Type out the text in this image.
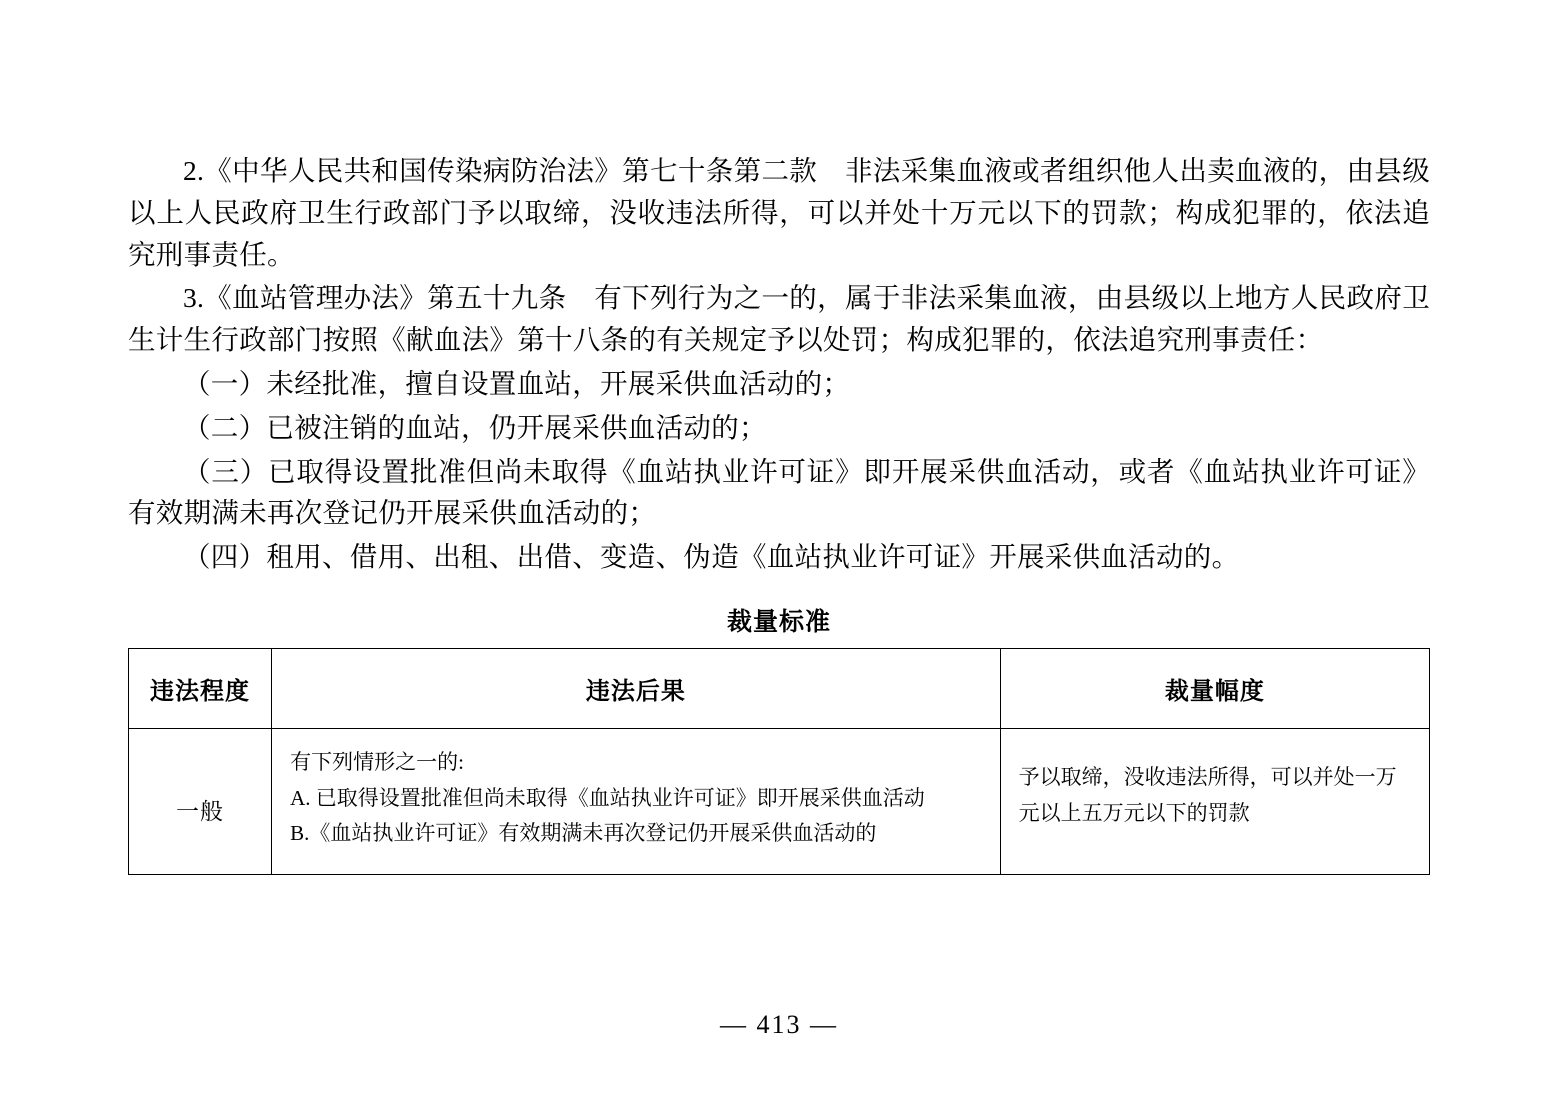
2.《中华人民共和国传染病防治法》第七十条第二款　非法采集血液或者组织他人出卖血液的，由县级以上人民政府卫生行政部门予以取缔，没收违法所得，可以并处十万元以下的罚款；构成犯罪的，依法追究刑事责任。

3.《血站管理办法》第五十九条　有下列行为之一的，属于非法采集血液，由县级以上地方人民政府卫生计生行政部门按照《献血法》第十八条的有关规定予以处罚；构成犯罪的，依法追究刑事责任：

（一）未经批准，擅自设置血站，开展采供血活动的；

（二）已被注销的血站，仍开展采供血活动的；

（三）已取得设置批准但尚未取得《血站执业许可证》即开展采供血活动，或者《血站执业许可证》有效期满未再次登记仍开展采供血活动的；

（四）租用、借用、出租、出借、变造、伪造《血站执业许可证》开展采供血活动的。

裁量标准
违法程度	违法后果	裁量幅度
一般	有下列情形之一的:
A. 已取得设置批准但尚未取得《血站执业许可证》即开展采供血活动
B.《血站执业许可证》有效期满未再次登记仍开展采供血活动的	予以取缔，没收违法所得，可以并处一万元以上五万元以下的罚款
— 413 —
